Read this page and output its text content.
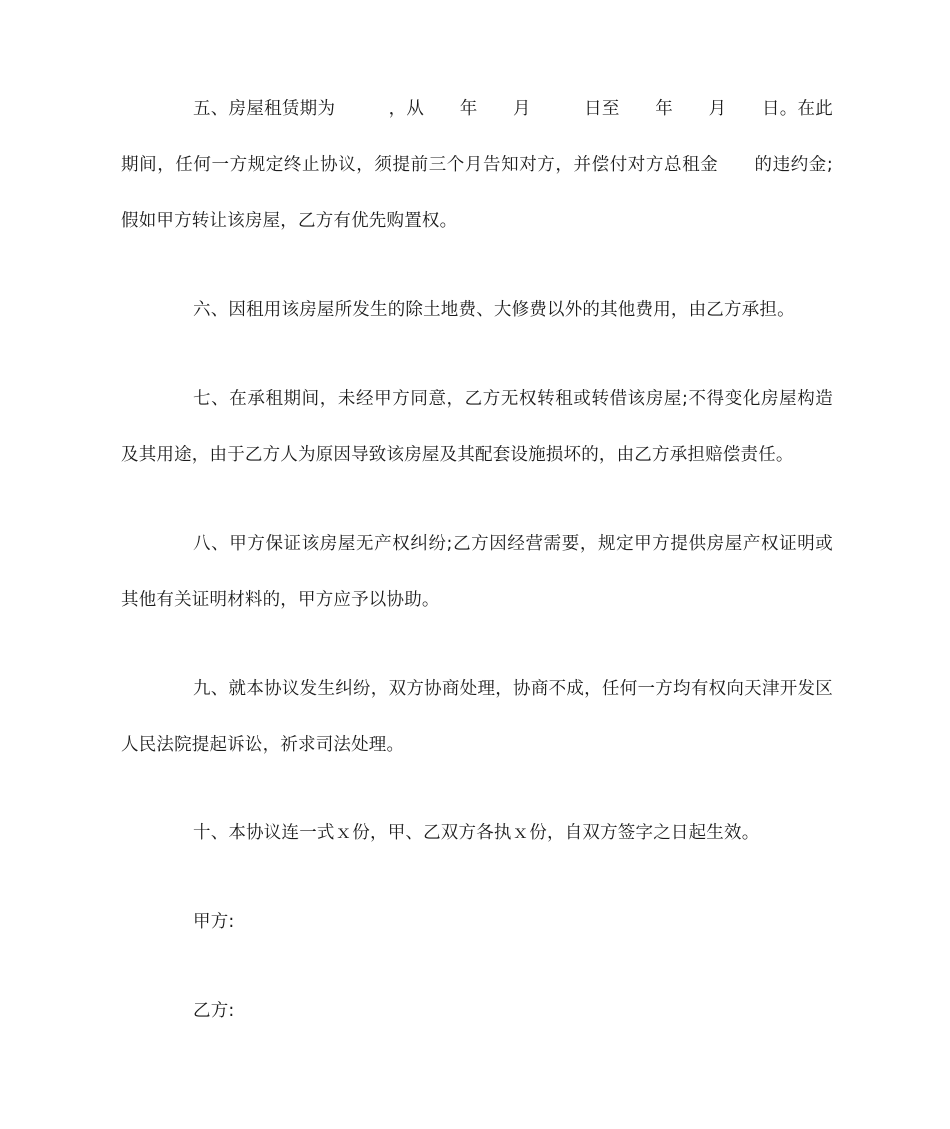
五、房屋租赁期为　　　，从　　年　　月　　　日至　　年　　月　　日。在此期间，任何一方规定终止协议，须提前三个月告知对方，并偿付对方总租金　　的违约金;假如甲方转让该房屋，乙方有优先购置权。

六、因租用该房屋所发生的除土地费、大修费以外的其他费用，由乙方承担。

七、在承租期间，未经甲方同意，乙方无权转租或转借该房屋;不得变化房屋构造及其用途，由于乙方人为原因导致该房屋及其配套设施损坏的，由乙方承担赔偿责任。

八、甲方保证该房屋无产权纠纷;乙方因经营需要，规定甲方提供房屋产权证明或其他有关证明材料的，甲方应予以协助。

九、就本协议发生纠纷，双方协商处理，协商不成，任何一方均有权向天津开发区人民法院提起诉讼，祈求司法处理。

十、本协议连一式ｘ份，甲、乙双方各执ｘ份，自双方签字之日起生效。

甲方:

乙方:
